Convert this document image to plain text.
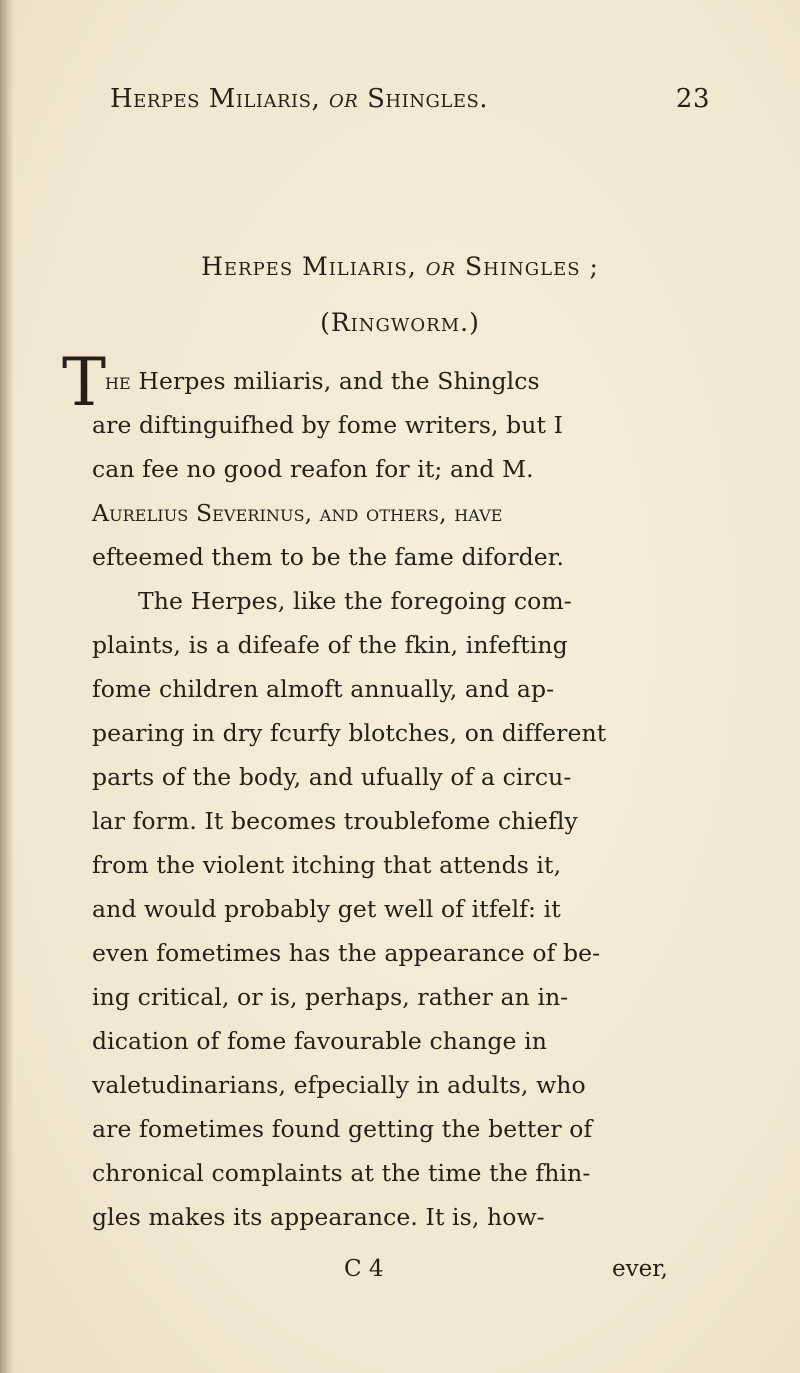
Herpes Miliaris, or Shingles.	23
Herpes Miliaris, or Shingles ;
(Ringworm.)
T
he Herpes miliaris, and the Shinglcs
are diftinguifhed by fome writers, but I
can fee no good reafon for it; and M.
Aurelius Severinus, and others, have
efteemed them to be the fame diforder.
The Herpes, like the foregoing com-
plaints, is a difeafe of the fkin, infefting
fome children almoft annually, and ap-
pearing in dry fcurfy blotches, on different
parts of the body, and ufually of a circu-
lar form. It becomes troublefome chiefly
from the violent itching that attends it,
and would probably get well of itfelf: it
even fometimes has the appearance of be-
ing critical, or is, perhaps, rather an in-
dication of fome favourable change in
valetudinarians, efpecially in adults, who
are fometimes found getting the better of
chronical complaints at the time the fhin-
gles makes its appearance. It is, how-
C 4	ever,
